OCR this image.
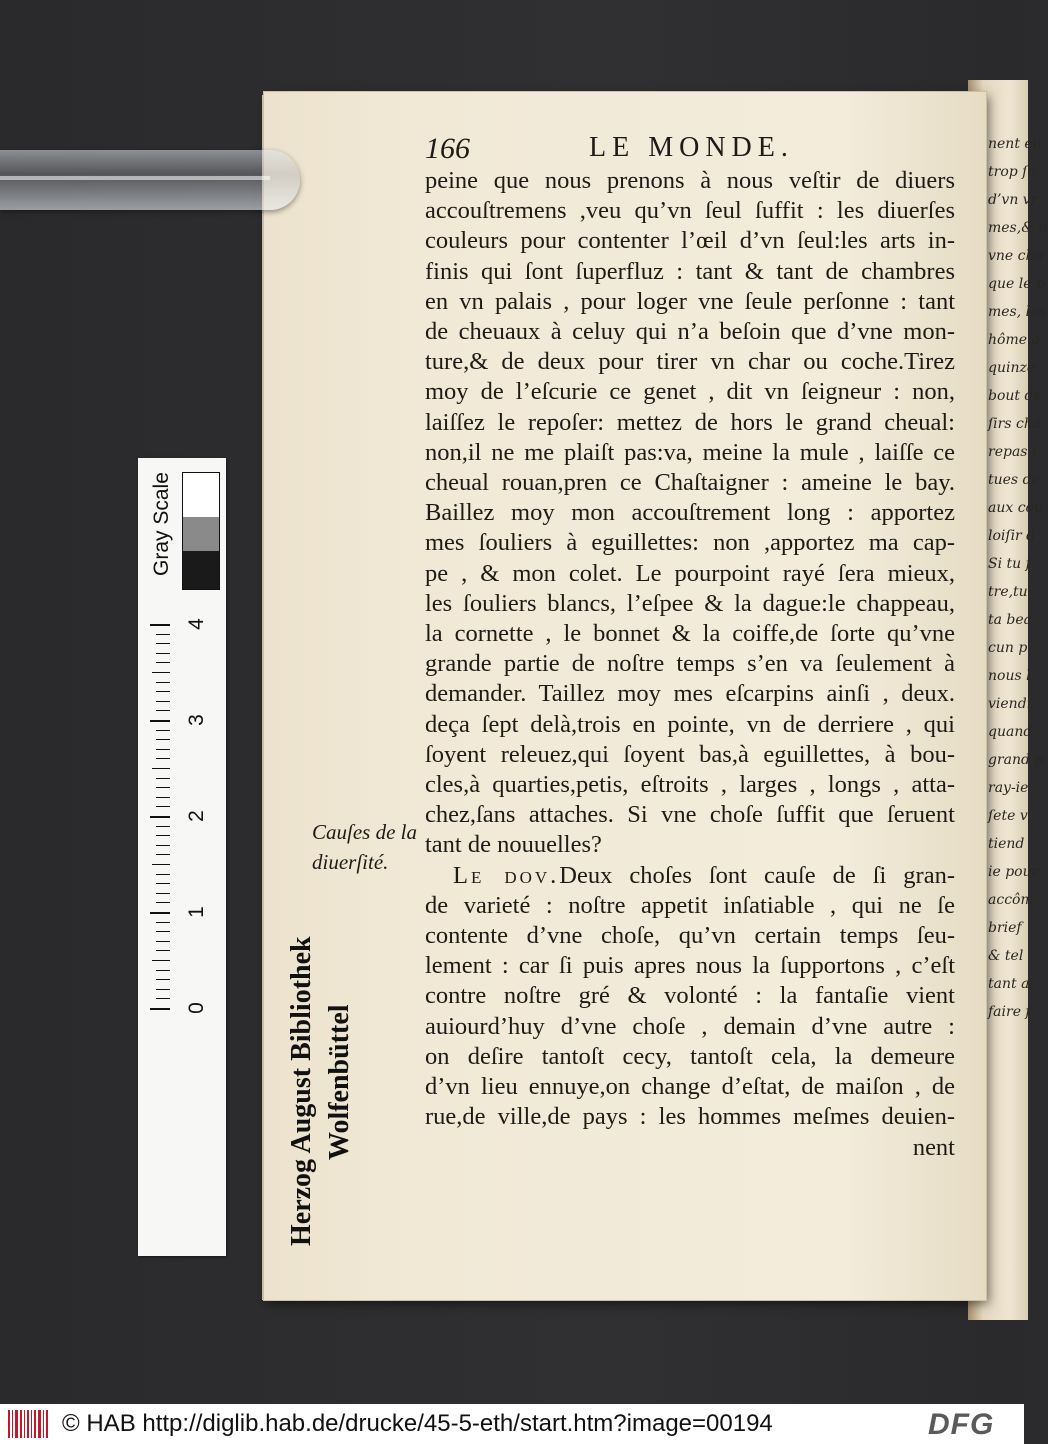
nent en
trop ſo
d’vn vr
mes,& n
vne cho
que le p
mes, les
hôme a
quinze
bout de
ſirs cha
repas t
tues de
aux cou
loiſir d
Si tu f
tre,tu
ta bea
cun p
nous l
viendr
quand
grand p
ray-ie
ſete v
tiend
ie pour
accôm
brief
& tel
tant ai
faire f
166	LE MONDE.
peine que nous prenons à nous veſtir de diuers
accouſtremens ,veu qu’vn ſeul ſuffit : les diuerſes
couleurs pour contenter l’œil d’vn ſeul:les arts in-
finis qui ſont ſuperfluz : tant & tant de chambres
en vn palais , pour loger vne ſeule perſonne : tant
de cheuaux à celuy qui n’a beſoin que d’vne mon-
ture,& de deux pour tirer vn char ou coche.Tirez
moy de l’eſcurie ce genet , dit vn ſeigneur : non,
laiſſez le repoſer: mettez de hors le grand cheual:
non,il ne me plaiſt pas:va, meine la mule , laiſſe ce
cheual rouan,pren ce Chaſtaigner : ameine le bay.
Baillez moy mon accouſtrement long : apportez
mes ſouliers à eguillettes: non ,apportez ma cap-
pe , & mon colet. Le pourpoint rayé ſera mieux,
les ſouliers blancs, l’eſpee & la dague:le chappeau,
la cornette , le bonnet & la coiffe,de ſorte qu’vne
grande partie de noſtre temps s’en va ſeulement à
demander. Taillez moy mes eſcarpins ainſi , deux.
deça ſept delà,trois en pointe, vn de derriere , qui
ſoyent releuez,qui ſoyent bas,à eguillettes, à bou-
cles,à quarties,petis, eſtroits , larges , longs , atta-
chez,ſans attaches. Si vne choſe ſuffit que ſeruent
tant de nouuelles?
Le dov.Deux choſes ſont cauſe de ſi gran-
de varieté : noſtre appetit inſatiable , qui ne ſe
contente d’vne choſe, qu’vn certain temps ſeu-
lement : car ſi puis apres nous la ſupportons , c’eſt
contre noſtre gré & volonté : la fantaſie vient
auiourd’huy d’vne choſe , demain d’vne autre :
on deſire tantoſt cecy, tantoſt cela, la demeure
d’vn lieu ennuye,on change d’eſtat, de maiſon , de
rue,de ville,de pays : les hommes meſmes deuien-
nent
Cauſes de la
diuerſité.
Gray Scale
Herzog August Bibliothek Wolfenbüttel
0
1
2
3
4
© HAB http://diglib.hab.de/drucke/45-5-eth/start.htm?image=00194	DFG
